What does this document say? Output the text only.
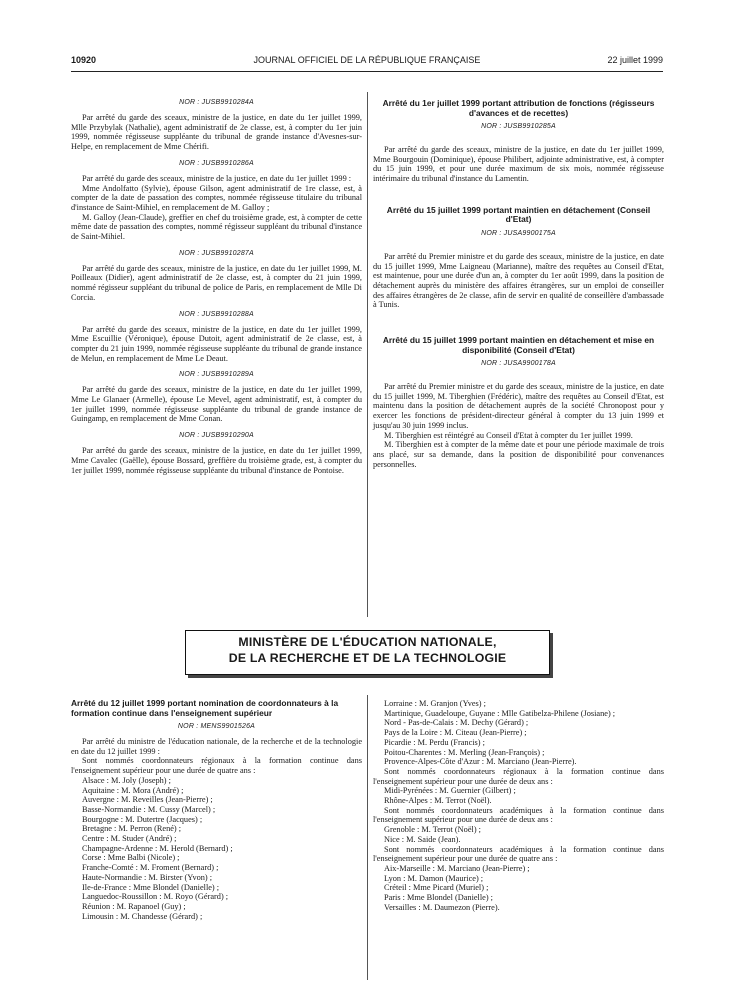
10920	JOURNAL OFFICIEL DE LA RÉPUBLIQUE FRANÇAISE	22 juillet 1999
NOR : JUSB9910284A

Par arrêté du garde des sceaux, ministre de la justice, en date du 1er juillet 1999, Mlle Przybylak (Nathalie), agent administratif de 2e classe, est, à compter du 1er juin 1999, nommée régisseuse suppléante du tribunal de grande instance d'Avesnes-sur-Helpe, en remplacement de Mme Chérifi.

NOR : JUSB9910286A

Par arrêté du garde des sceaux, ministre de la justice, en date du 1er juillet 1999 :

Mme Andolfatto (Sylvie), épouse Gilson, agent administratif de 1re classe, est, à compter de la date de passation des comptes, nommée régisseuse titulaire du tribunal d'instance de Saint-Mihiel, en remplacement de M. Galloy ;

M. Galloy (Jean-Claude), greffier en chef du troisième grade, est, à compter de cette même date de passation des comptes, nommé régisseur suppléant du tribunal d'instance de Saint-Mihiel.

NOR : JUSB9910287A

Par arrêté du garde des sceaux, ministre de la justice, en date du 1er juillet 1999, M. Poilleaux (Didier), agent administratif de 2e classe, est, à compter du 21 juin 1999, nommé régisseur suppléant du tribunal de police de Paris, en remplacement de Mlle Di Corcia.

NOR : JUSB9910288A

Par arrêté du garde des sceaux, ministre de la justice, en date du 1er juillet 1999, Mme Escuillie (Véronique), épouse Dutoit, agent administratif de 2e classe, est, à compter du 21 juin 1999, nommée régisseuse suppléante du tribunal de grande instance de Melun, en remplacement de Mme Le Deaut.

NOR : JUSB9910289A

Par arrêté du garde des sceaux, ministre de la justice, en date du 1er juillet 1999, Mme Le Glanaer (Armelle), épouse Le Mevel, agent administratif, est, à compter du 1er juillet 1999, nommée régisseuse suppléante du tribunal de grande instance de Guingamp, en remplacement de Mme Conan.

NOR : JUSB9910290A

Par arrêté du garde des sceaux, ministre de la justice, en date du 1er juillet 1999, Mme Cavalec (Gaëlle), épouse Bossard, greffière du troisième grade, est, à compter du 1er juillet 1999, nommée régisseuse suppléante du tribunal d'instance de Pontoise.

Arrêté du 1er juillet 1999 portant attribution de fonctions (régisseurs d'avances et de recettes)
NOR : JUSB9910285A

Par arrêté du garde des sceaux, ministre de la justice, en date du 1er juillet 1999, Mme Bourgouin (Dominique), épouse Philibert, adjointe administrative, est, à compter du 15 juin 1999, et pour une durée maximum de six mois, nommée régisseuse intérimaire du tribunal d'instance du Lamentin.

Arrêté du 15 juillet 1999 portant maintien en détachement (Conseil d'Etat)
NOR : JUSA9900175A

Par arrêté du Premier ministre et du garde des sceaux, ministre de la justice, en date du 15 juillet 1999, Mme Laigneau (Marianne), maître des requêtes au Conseil d'Etat, est maintenue, pour une durée d'un an, à compter du 1er août 1999, dans la position de détachement auprès du ministère des affaires étrangères, sur un emploi de conseiller des affaires étrangères de 2e classe, afin de servir en qualité de conseillère d'ambassade à Tunis.

Arrêté du 15 juillet 1999 portant maintien en détachement et mise en disponibilité (Conseil d'Etat)
NOR : JUSA9900178A

Par arrêté du Premier ministre et du garde des sceaux, ministre de la justice, en date du 15 juillet 1999, M. Tiberghien (Frédéric), maître des requêtes au Conseil d'Etat, est maintenu dans la position de détachement auprès de la société Chronopost pour y exercer les fonctions de président-directeur général à compter du 13 juin 1999 et jusqu'au 30 juin 1999 inclus.

M. Tiberghien est réintégré au Conseil d'Etat à compter du 1er juillet 1999.

M. Tiberghien est à compter de la même date et pour une période maximale de trois ans placé, sur sa demande, dans la position de disponibilité pour convenances personnelles.

MINISTÈRE DE L'ÉDUCATION NATIONALE,
DE LA RECHERCHE ET DE LA TECHNOLOGIE
Arrêté du 12 juillet 1999 portant nomination de coordonnateurs à la formation continue dans l'enseignement supérieur
NOR : MENS9901526A

Par arrêté du ministre de l'éducation nationale, de la recherche et de la technologie en date du 12 juillet 1999 :

Sont nommés coordonnateurs régionaux à la formation continue dans l'enseignement supérieur pour une durée de quatre ans :

Alsace : M. Joly (Joseph) ;

Aquitaine : M. Mora (André) ;

Auvergne : M. Reveilles (Jean-Pierre) ;

Basse-Normandie : M. Cussy (Marcel) ;

Bourgogne : M. Dutertre (Jacques) ;

Bretagne : M. Perron (René) ;

Centre : M. Studer (André) ;

Champagne-Ardenne : M. Herold (Bernard) ;

Corse : Mme Balbi (Nicole) ;

Franche-Comté : M. Froment (Bernard) ;

Haute-Normandie : M. Birster (Yvon) ;

Ile-de-France : Mme Blondel (Danielle) ;

Languedoc-Roussillon : M. Royo (Gérard) ;

Réunion : M. Rapanoel (Guy) ;

Limousin : M. Chandesse (Gérard) ;

Lorraine : M. Granjon (Yves) ;

Martinique, Guadeloupe, Guyane : Mlle Gatibelza-Philene (Josiane) ;

Nord - Pas-de-Calais : M. Dechy (Gérard) ;

Pays de la Loire : M. Citeau (Jean-Pierre) ;

Picardie : M. Perdu (Francis) ;

Poitou-Charentes : M. Merling (Jean-François) ;

Provence-Alpes-Côte d'Azur : M. Marciano (Jean-Pierre).

Sont nommés coordonnateurs régionaux à la formation continue dans l'enseignement supérieur pour une durée de deux ans :

Midi-Pyrénées : M. Guernier (Gilbert) ;

Rhône-Alpes : M. Terrot (Noël).

Sont nommés coordonnateurs académiques à la formation continue dans l'enseignement supérieur pour une durée de deux ans :

Grenoble : M. Terrot (Noël) ;

Nice : M. Saide (Jean).

Sont nommés coordonnateurs académiques à la formation continue dans l'enseignement supérieur pour une durée de quatre ans :

Aix-Marseille : M. Marciano (Jean-Pierre) ;

Lyon : M. Damon (Maurice) ;

Créteil : Mme Picard (Muriel) ;

Paris : Mme Blondel (Danielle) ;

Versailles : M. Daumezon (Pierre).
